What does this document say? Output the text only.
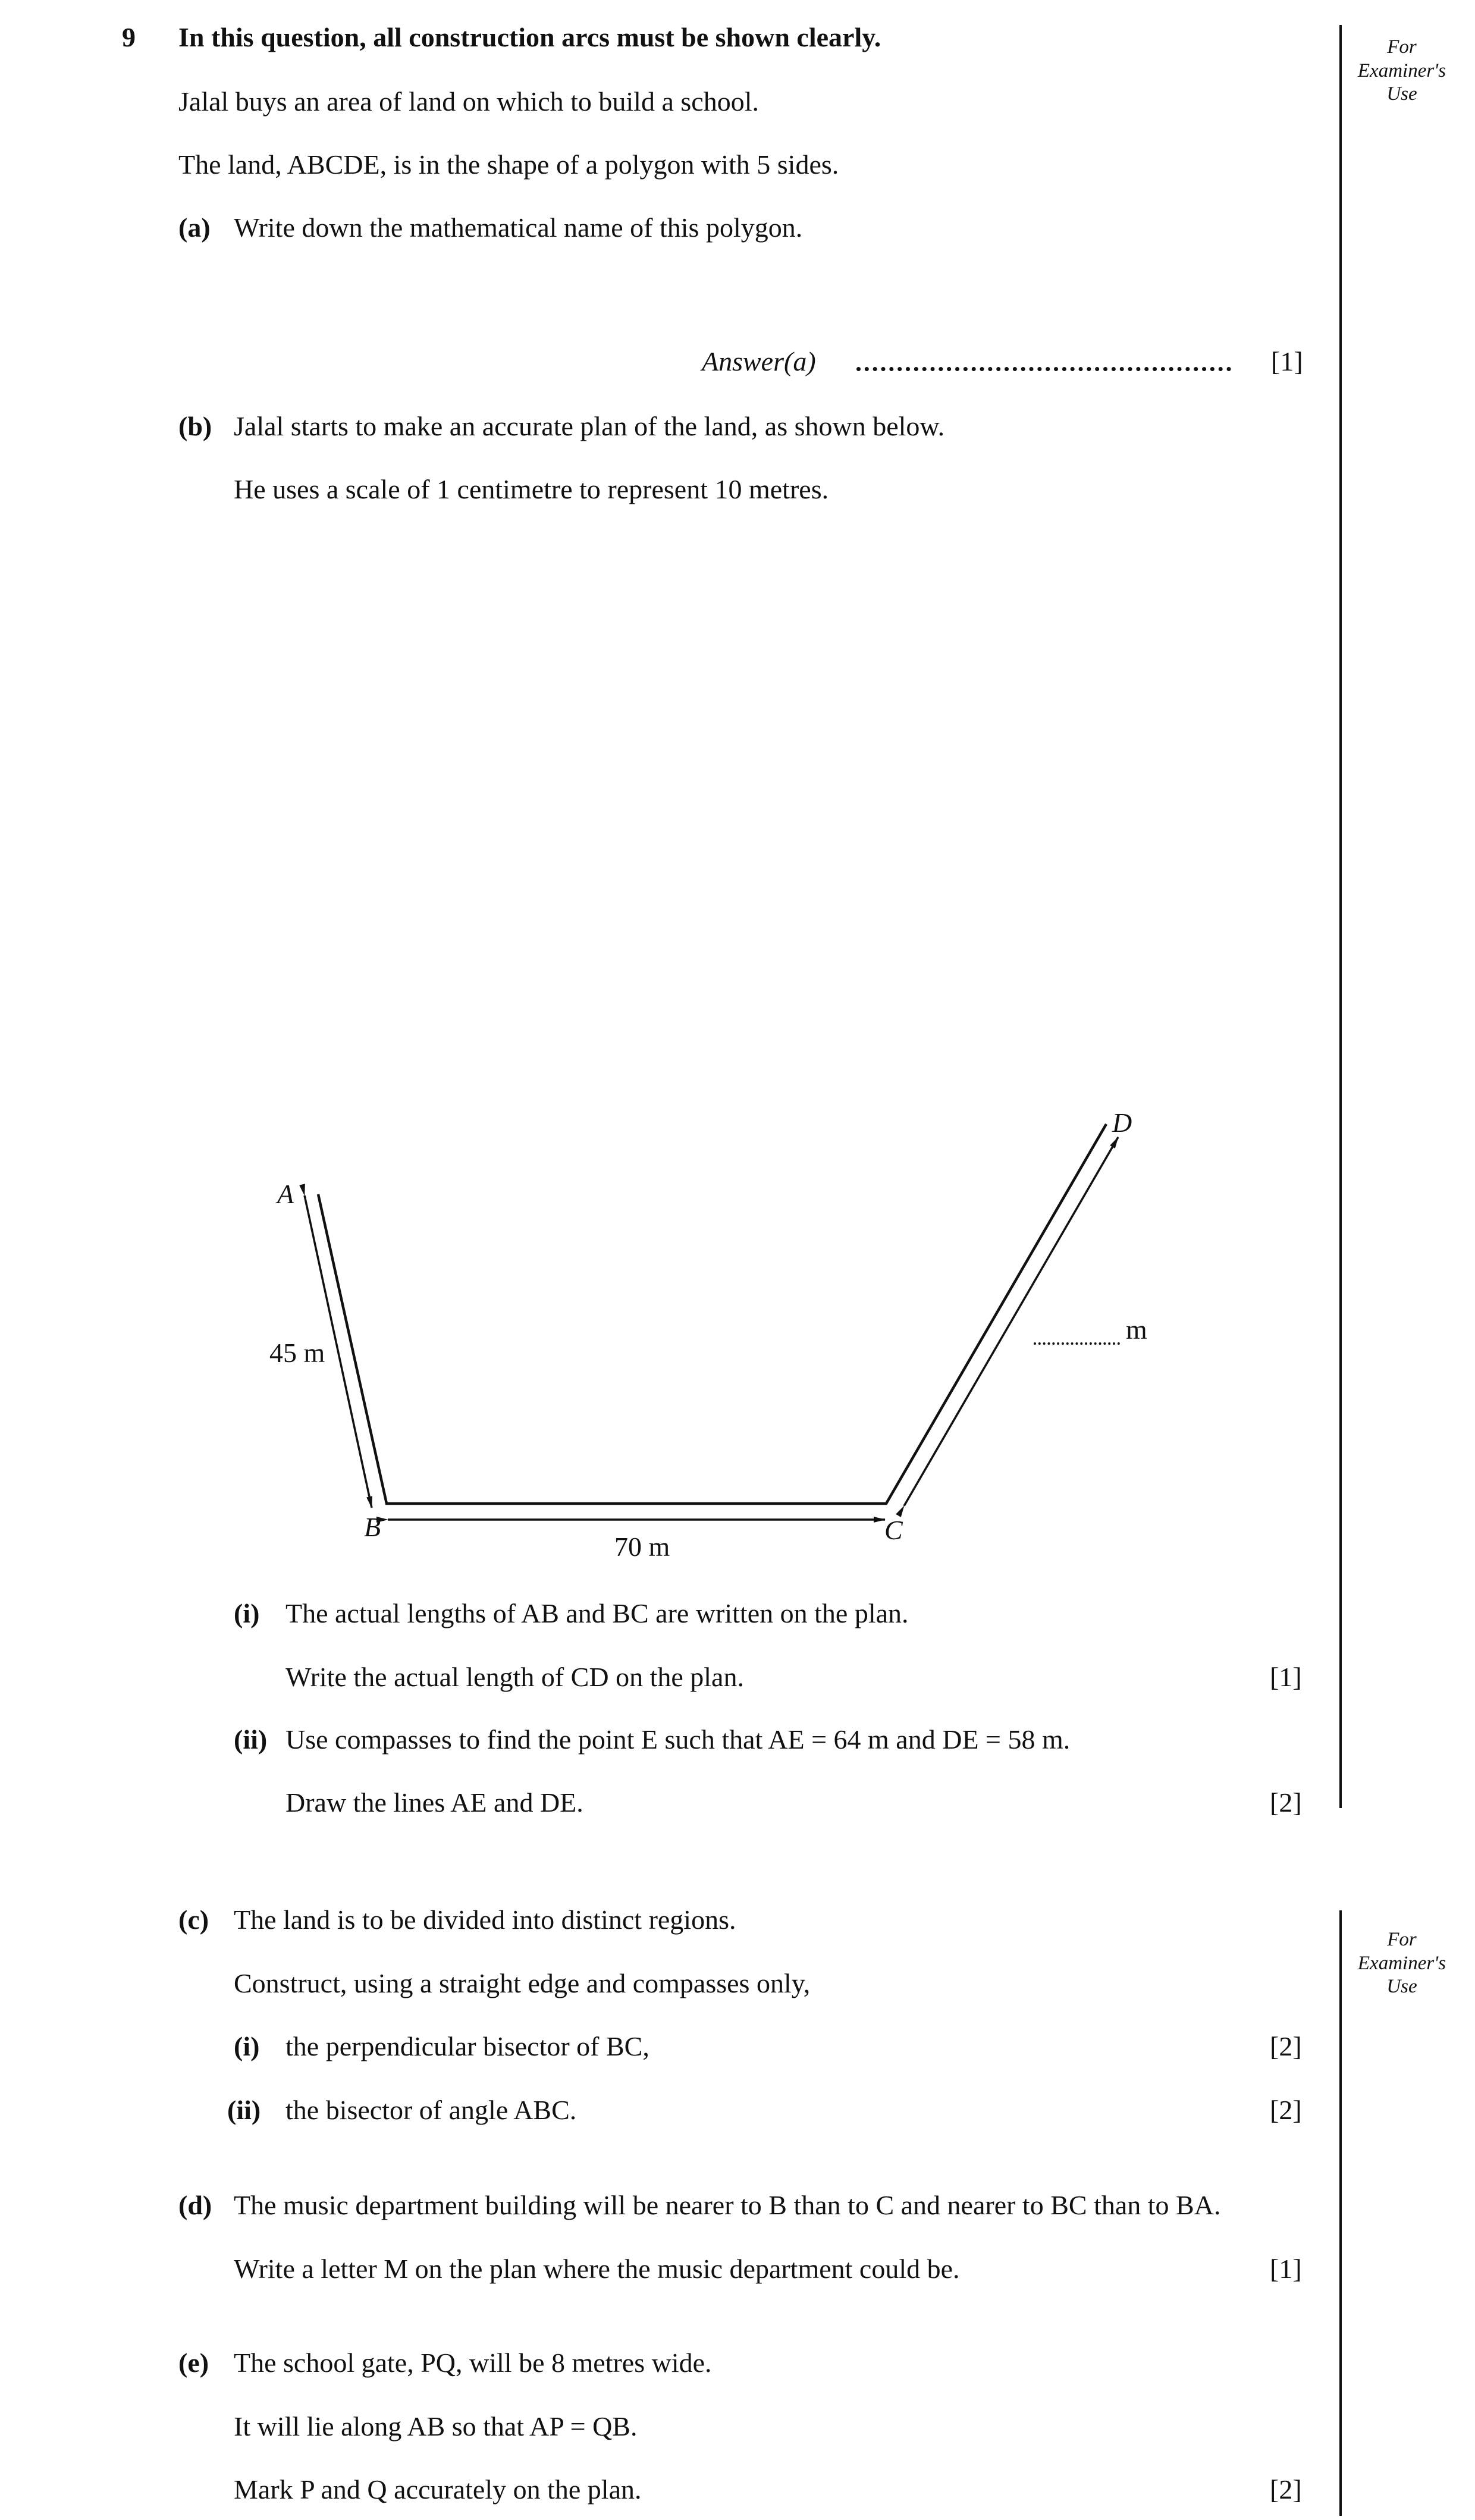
For
Examiner's
Use
For
Examiner's
Use
9 In this question, all construction arcs must be shown clearly.
Jalal buys an area of land on which to build a school.
The land, ABCDE, is in the shape of a polygon with 5 sides.
(a) Write down the mathematical name of this polygon.
Answer(a)	[1]
(b) Jalal starts to make an accurate plan of the land, as shown below.
He uses a scale of 1 centimetre to represent 10 metres.
A
B	C
D
45 m
70 m
m
(i) The actual lengths of AB and BC are written on the plan.
Write the actual length of CD on the plan.	[1]
(ii) Use compasses to find the point E such that AE = 64 m and DE = 58 m.
Draw the lines AE and DE.	[2]
(c) The land is to be divided into distinct regions.
Construct, using a straight edge and compasses only,
(i) the perpendicular bisector of BC,	[2]
(ii) the bisector of angle ABC.	[2]
(d) The music department building will be nearer to B than to C and nearer to BC than to BA.
Write a letter M on the plan where the music department could be.	[1]
(e) The school gate, PQ, will be 8 metres wide.
It will lie along AB so that AP = QB.
Mark P and Q accurately on the plan.	[2]
